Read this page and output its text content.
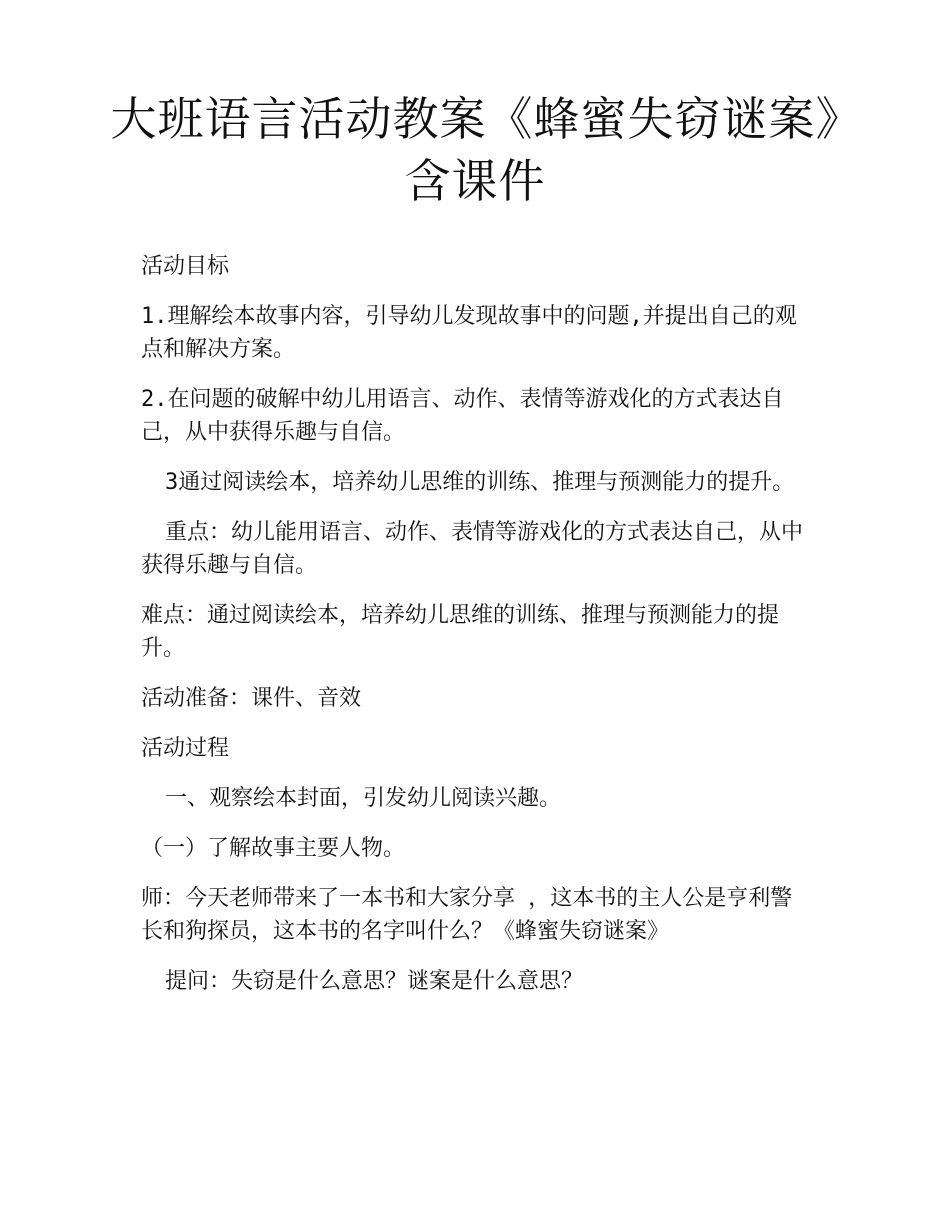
大班语言活动教案《蜂蜜失窃谜案》含课件

活动目标

1.理解绘本故事内容，引导幼儿发现故事中的问题,并提出自己的观点和解决方案。

2.在问题的破解中幼儿用语言、动作、表情等游戏化的方式表达自己，从中获得乐趣与自信。

3通过阅读绘本，培养幼儿思维的训练、推理与预测能力的提升。

重点：幼儿能用语言、动作、表情等游戏化的方式表达自己，从中获得乐趣与自信。

难点：通过阅读绘本，培养幼儿思维的训练、推理与预测能力的提升。

活动准备：课件、音效

活动过程

一、观察绘本封面，引发幼儿阅读兴趣。

（一）了解故事主要人物。

师：今天老师带来了一本书和大家分享 ，这本书的主人公是亨利警长和狗探员，这本书的名字叫什么？《蜂蜜失窃谜案》

提问：失窃是什么意思？谜案是什么意思？
